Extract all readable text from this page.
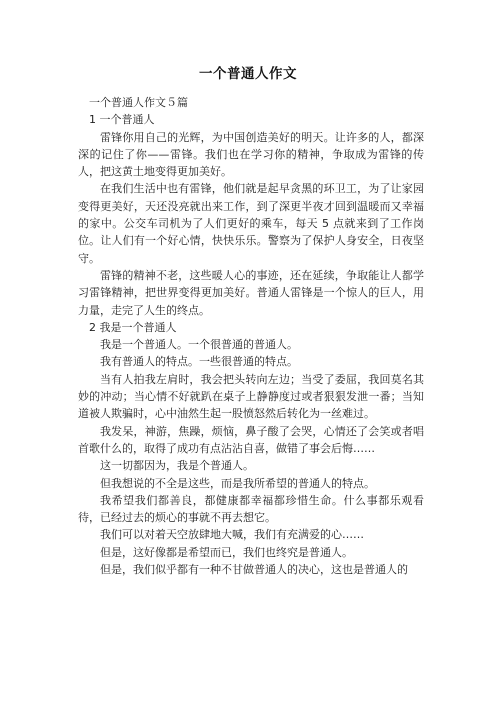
一个普通人作文

一个普通人作文５篇

1 一个普通人

雷锋你用自己的光辉，为中国创造美好的明天。让许多的人，都深深的记住了你——雷锋。我们也在学习你的精神，争取成为雷锋的传人，把这黄土地变得更加美好。

在我们生活中也有雷锋，他们就是起早贪黑的环卫工，为了让家园变得更美好，天还没亮就出来工作，到了深更半夜才回到温暖而又幸福的家中。公交车司机为了人们更好的乘车，每天 5 点就来到了工作岗位。让人们有一个好心情，快快乐乐。警察为了保护人身安全，日夜坚守。

雷锋的精神不老，这些暖人心的事迹，还在延续，争取能让人都学习雷锋精神，把世界变得更加美好。普通人雷锋是一个惊人的巨人，用力量，走完了人生的终点。

2 我是一个普通人

我是一个普通人。一个很普通的普通人。

我有普通人的特点。一些很普通的特点。

当有人拍我左肩时，我会把头转向左边；当受了委屈，我回莫名其妙的冲动；当心情不好就趴在桌子上静静度过或者狠狠发泄一番；当知道被人欺骗时，心中油然生起一股愤怒然后转化为一丝难过。

我发呆，神游，焦躁，烦恼，鼻子酸了会哭，心情还了会笑或者唱首歌什么的，取得了成功有点沾沾自喜，做错了事会后悔……

这一切都因为，我是个普通人。

但我想说的不全是这些，而是我所希望的普通人的特点。

我希望我们都善良，都健康都幸福都珍惜生命。什么事都乐观看待，已经过去的烦心的事就不再去想它。

我们可以对着天空放肆地大喊，我们有充满爱的心……

但是，这好像都是希望而已，我们也终究是普通人。

但是，我们似乎都有一种不甘做普通人的决心，这也是普通人的
